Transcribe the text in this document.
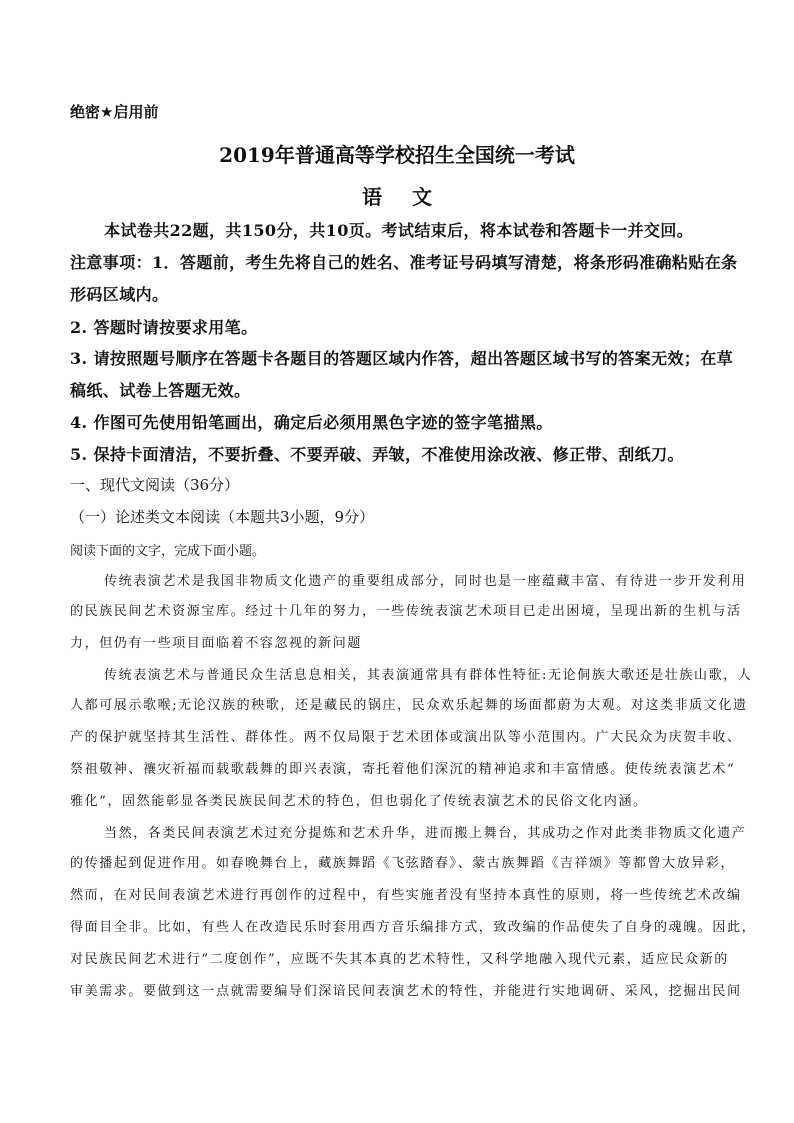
绝密★启用前
2019年普通高等学校招生全国统一考试
语文
本试卷共22题，共150分，共10页。考试结束后，将本试卷和答题卡一并交回。
注意事项：1．答题前，考生先将自己的姓名、准考证号码填写清楚，将条形码准确粘贴在条
形码区域内。
2. 答题时请按要求用笔。
3. 请按照题号顺序在答题卡各题目的答题区域内作答，超出答题区域书写的答案无效；在草
稿纸、试卷上答题无效。
4. 作图可先使用铅笔画出，确定后必须用黑色字迹的签字笔描黑。
5. 保持卡面清洁，不要折叠、不要弄破、弄皱，不准使用涂改液、修正带、刮纸刀。
一、现代文阅读（36分）
（一）论述类文本阅读（本题共3小题，9分）
阅读下面的文字，完成下面小题。
传统表演艺术是我国非物质文化遗产的重要组成部分，同时也是一座蕴藏丰富、有待进一步开发利用
的民族民间艺术资源宝库。经过十几年的努力，一些传统表演艺术项目已走出困境，呈现出新的生机与活
力，但仍有一些项目面临着不容忽视的新问题
传统表演艺术与普通民众生活息息相关，其表演通常具有群体性特征:无论侗族大歌还是壮族山歌，人
人都可展示歌喉;无论汉族的秧歌，还是藏民的锅庄，民众欢乐起舞的场面都蔚为大观。对这类非质文化遗
产的保护就坚持其生活性、群体性。两不仅局限于艺术团体或演出队等小范围内。广大民众为庆贺丰收、
祭祖敬神、禳灾祈福而载歌载舞的即兴表演，寄托着他们深沉的精神追求和丰富情感。使传统表演艺术“
雅化”，固然能彰显各类民族民间艺术的特色，但也弱化了传统表演艺术的民俗文化内涵。
当然，各类民间表演艺术过充分提炼和艺术升华，进而搬上舞台，其成功之作对此类非物质文化遗产
的传播起到促进作用。如春晚舞台上，藏族舞蹈《飞弦踏春》、蒙古族舞蹈《吉祥颂》等都曾大放异彩，
然而，在对民间表演艺术进行再创作的过程中，有些实施者没有坚持本真性的原则，将一些传统艺术改编
得面目全非。比如，有些人在改造民乐时套用西方音乐编排方式，致改编的作品使失了自身的魂魄。因此，
对民族民间艺术进行“二度创作”，应既不失其本真的艺术特性，又科学地融入现代元素，适应民众新的
审美需求。要做到这一点就需要编导们深谙民间表演艺术的特性，并能进行实地调研、采风，挖掘出民间
